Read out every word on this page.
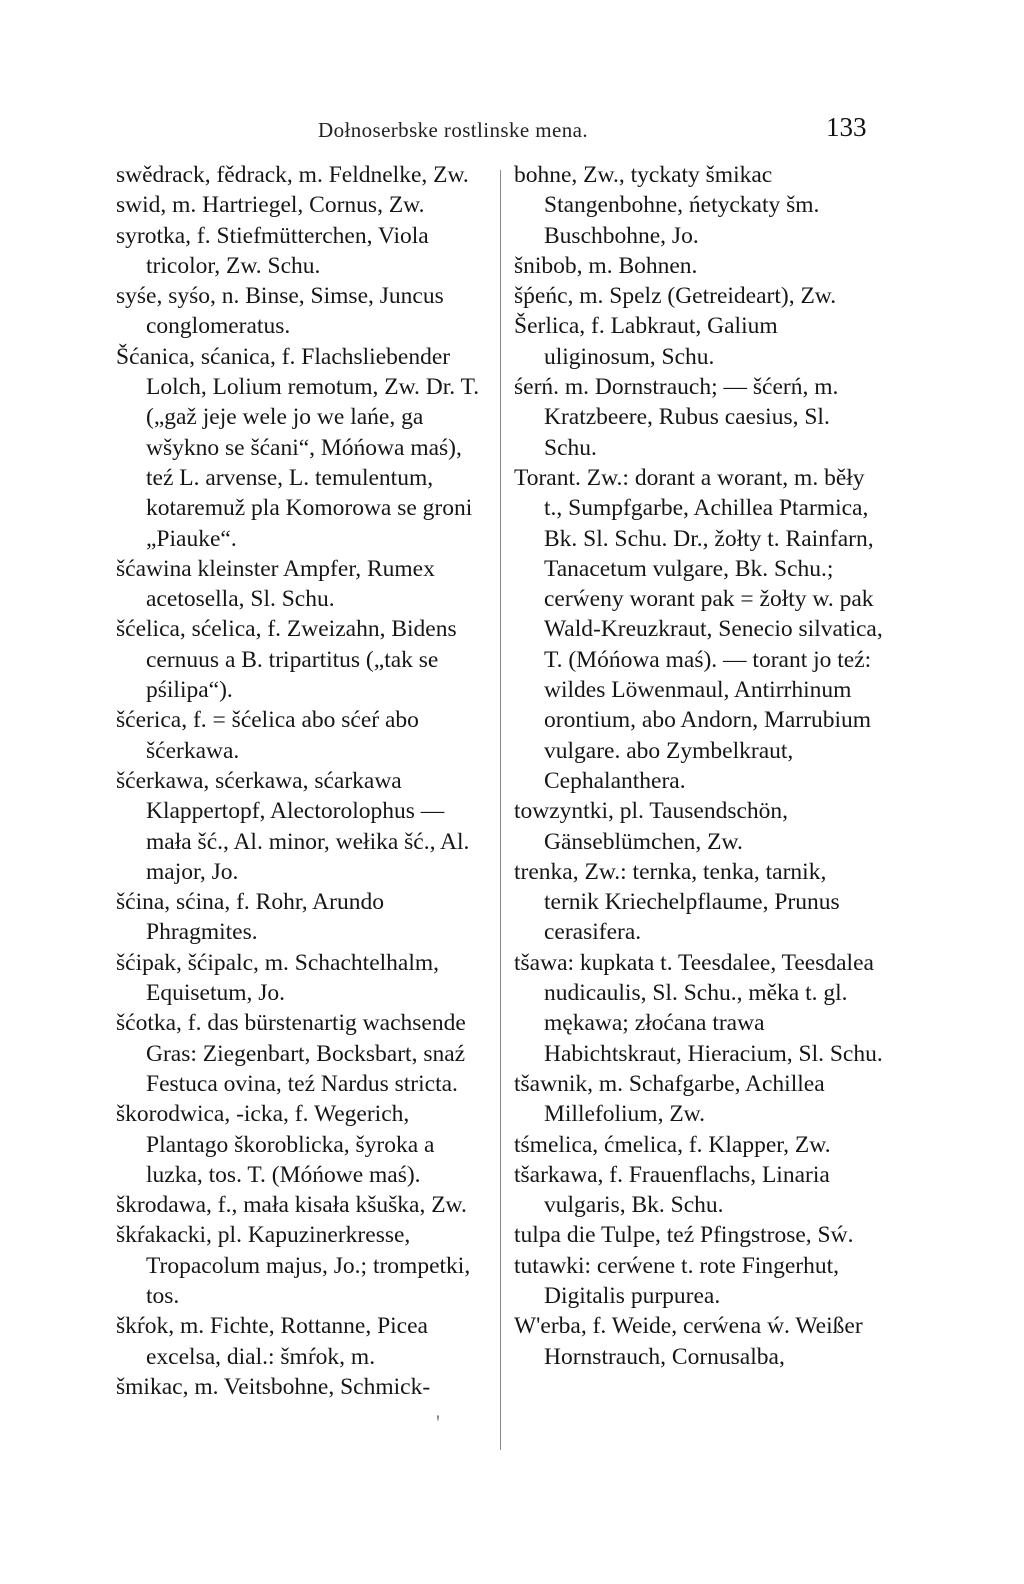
Dołnoserbske rostlinske mena.	133

swědrack, fědrack, m. Feldnelke, Zw.

swid, m. Hartriegel, Cornus, Zw.

syrotka, f. Stiefmütterchen, Viola tricolor, Zw. Schu.

syśe, syśo, n. Binse, Simse, Juncus conglomeratus.

Šćanica, sćanica, f. Flachsliebender Lolch, Lolium remotum, Zw. Dr. T. („gaž jeje wele jo we lańe, ga wšykno se šćani“, Móńowa maś), teź L. arvense, L. temulentum, kotaremuž pla Komorowa se groni „Piauke“.

šćawina kleinster Ampfer, Rumex acetosella, Sl. Schu.

šćelica, sćelica, f. Zweizahn, Bidens cernuus a B. tripartitus („tak se pśilipa“).

šćerica, f. = šćelica abo sćeŕ abo šćerkawa.

šćerkawa, sćerkawa, sćarkawa Klappertopf, Alectorolophus — mała šć., Al. minor, wełika šć., Al. major, Jo.

šćina, sćina, f. Rohr, Arundo Phragmites.

šćipak, šćipalc, m. Schachtelhalm, Equisetum, Jo.

šćotka, f. das bürstenartig wachsende Gras: Ziegenbart, Bocksbart, snaź Festuca ovina, teź Nardus stricta.

škorodwica, -icka, f. Wegerich, Plantago škoroblicka, šyroka a luzka, tos. T. (Móńowe maś).

škrodawa, f., mała kisała kšuška, Zw.

škŕakacki, pl. Kapuzinerkresse, Tropacolum majus, Jo.; trompetki, tos.

škŕok, m. Fichte, Rottanne, Picea excelsa, dial.: šmŕok, m.

šmikac, m. Veitsbohne, Schmick-

bohne, Zw., tyckaty šmikac Stangenbohne, ńetyckaty šm. Buschbohne, Jo.

šnibob, m. Bohnen.

šṕeńc, m. Spelz (Getreideart), Zw.

Šerlica, f. Labkraut, Galium uliginosum, Schu.

śerń. m. Dornstrauch; — šćerń, m. Kratzbeere, Rubus caesius, Sl. Schu.

Torant. Zw.: dorant a worant, m. běły t., Sumpfgarbe, Achillea Ptarmica, Bk. Sl. Schu. Dr., žołty t. Rainfarn, Tanacetum vulgare, Bk. Schu.; cerẃeny worant pak = žołty w. pak Wald-Kreuzkraut, Senecio silvatica, T. (Móńowa maś). — torant jo teź: wildes Löwenmaul, Antirrhinum orontium, abo Andorn, Marrubium vulgare. abo Zymbelkraut, Cephalanthera.

towzyntki, pl. Tausendschön, Gänseblümchen, Zw.

trenka, Zw.: ternka, tenka, tarnik, ternik Kriechelpflaume, Prunus cerasifera.

tšawa: kupkata t. Teesdalee, Teesdalea nudicaulis, Sl. Schu., měka t. gl. mękawa; złoćana trawa Habichtskraut, Hieracium, Sl. Schu.

tšawnik, m. Schafgarbe, Achillea Millefolium, Zw.

tśmelica, ćmelica, f. Klapper, Zw.

tšarkawa, f. Frauenflachs, Linaria vulgaris, Bk. Schu.

tulpa die Tulpe, teź Pfingstrose, Sẃ.

tutawki: cerẃene t. rote Fingerhut, Digitalis purpurea.

W'erba, f. Weide, cerẃena ẃ. Weißer Hornstrauch, Cornusalba,

'
